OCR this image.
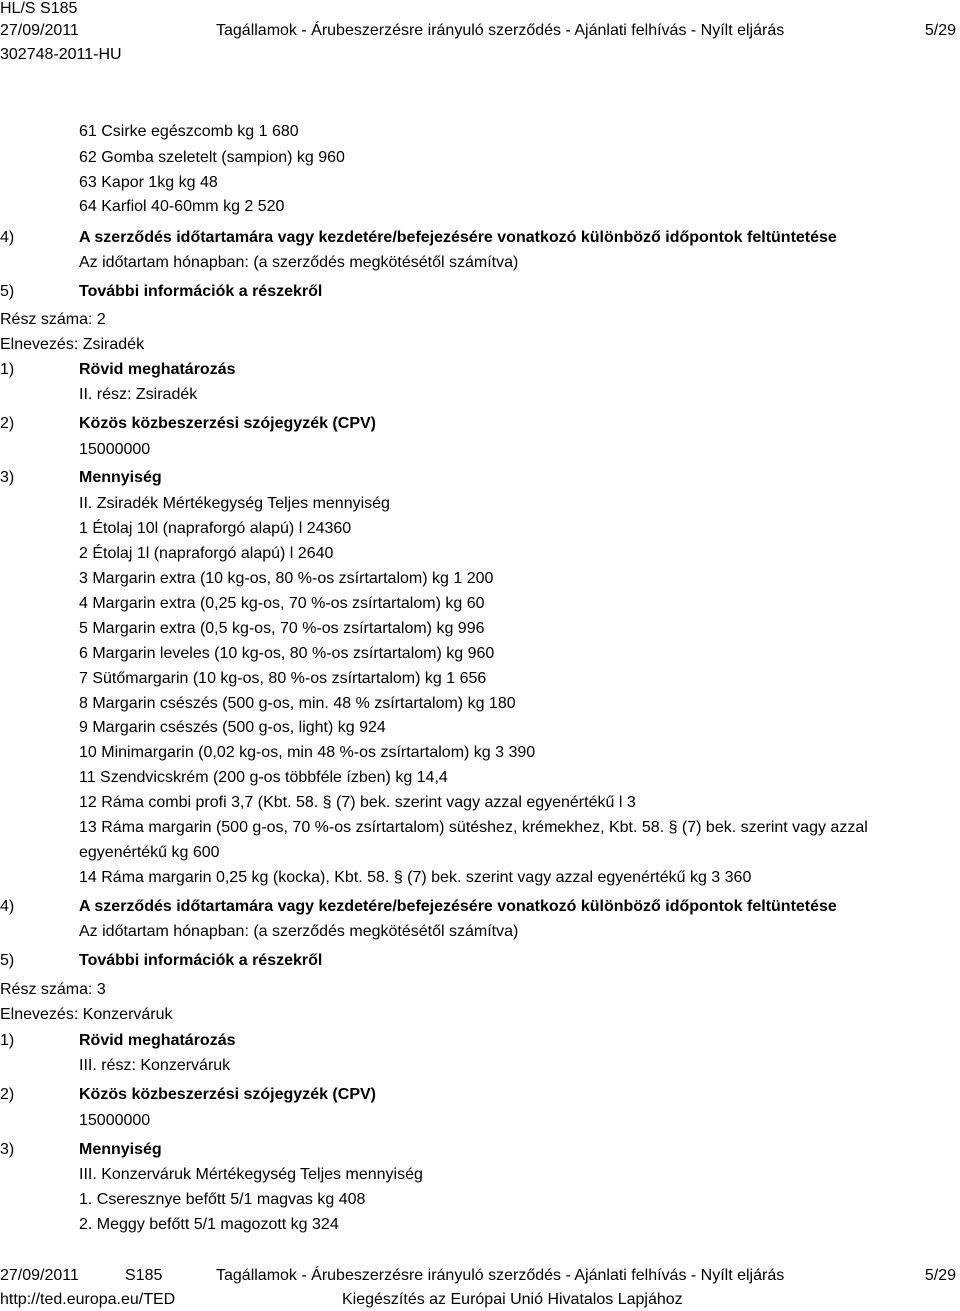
HL/S S185
27/09/2011	Tagállamok - Árubeszerzésre irányuló szerződés - Ajánlati felhívás - Nyílt eljárás	5/29
302748-2011-HU
61 Csirke egészcomb kg 1 680
62 Gomba szeletelt (sampion) kg 960
63 Kapor 1kg kg 48
64 Karfiol 40-60mm kg 2 520
4)	A szerződés időtartamára vagy kezdetére/befejezésére vonatkozó különböző időpontok feltüntetése
Az időtartam hónapban: (a szerződés megkötésétől számítva)
5)	További információk a részekről
Rész száma: 2
Elnevezés: Zsiradék
1)	Rövid meghatározás
II. rész: Zsiradék
2)	Közös közbeszerzési szójegyzék (CPV)
15000000
3)	Mennyiség
II. Zsiradék Mértékegység Teljes mennyiség
1 Étolaj 10l (napraforgó alapú) l 24360
2 Étolaj 1l (napraforgó alapú) l 2640
3 Margarin extra (10 kg-os, 80 %-os zsírtartalom) kg 1 200
4 Margarin extra (0,25 kg-os, 70 %-os zsírtartalom) kg 60
5 Margarin extra (0,5 kg-os, 70 %-os zsírtartalom) kg 996
6 Margarin leveles (10 kg-os, 80 %-os zsírtartalom) kg 960
7 Sütőmargarin (10 kg-os, 80 %-os zsírtartalom) kg 1 656
8 Margarin csészés (500 g-os, min. 48 % zsírtartalom) kg 180
9 Margarin csészés (500 g-os, light) kg 924
10 Minimargarin (0,02 kg-os, min 48 %-os zsírtartalom) kg 3 390
11 Szendvicskrém (200 g-os többféle ízben) kg 14,4
12 Ráma combi profi 3,7 (Kbt. 58. § (7) bek. szerint vagy azzal egyenértékű l 3
13 Ráma margarin (500 g-os, 70 %-os zsírtartalom) sütéshez, krémekhez, Kbt. 58. § (7) bek. szerint vagy azzal
egyenértékű kg 600
14 Ráma margarin 0,25 kg (kocka), Kbt. 58. § (7) bek. szerint vagy azzal egyenértékű kg 3 360
4)	A szerződés időtartamára vagy kezdetére/befejezésére vonatkozó különböző időpontok feltüntetése
Az időtartam hónapban: (a szerződés megkötésétől számítva)
5)	További információk a részekről
Rész száma: 3
Elnevezés: Konzerváruk
1)	Rövid meghatározás
III. rész: Konzerváruk
2)	Közös közbeszerzési szójegyzék (CPV)
15000000
3)	Mennyiség
III. Konzerváruk Mértékegység Teljes mennyiség
1. Cseresznye befőtt 5/1 magvas kg 408
2. Meggy befőtt 5/1 magozott kg 324
27/09/2011	S185	Tagállamok - Árubeszerzésre irányuló szerződés - Ajánlati felhívás - Nyílt eljárás	5/29
http://ted.europa.eu/TED	Kiegészítés az Európai Unió Hivatalos Lapjához
